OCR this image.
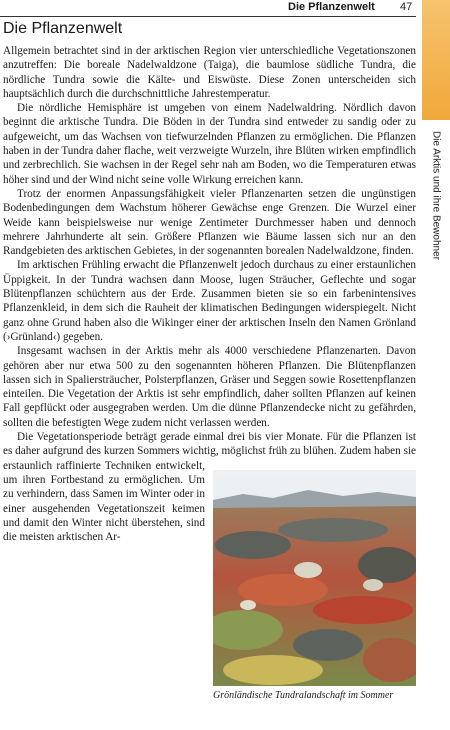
Die Pflanzenwelt 47
Die Arktis und ihre Bewohner
Die Pflanzenwelt

Allgemein betrachtet sind in der arktischen Region vier unterschiedliche Vegetationszonen anzutreffen: Die boreale Nadelwaldzone (Taiga), die baumlose südliche Tundra, die nördliche Tundra sowie die Kälte- und Eiswüste. Diese Zonen unterscheiden sich hauptsächlich durch die durchschnittliche Jahrestemperatur.

Die nördliche Hemisphäre ist umgeben von einem Nadelwaldring. Nördlich davon beginnt die arktische Tundra. Die Böden in der Tundra sind entweder zu sandig oder zu aufgeweicht, um das Wachsen von tiefwurzelnden Pflanzen zu ermöglichen. Die Pflanzen haben in der Tundra daher flache, weit verzweigte Wurzeln, ihre Blüten wirken empfindlich und zerbrechlich. Sie wachsen in der Regel sehr nah am Boden, wo die Temperaturen etwas höher sind und der Wind nicht seine volle Wirkung erreichen kann.

Trotz der enormen Anpassungsfähigkeit vieler Pflanzenarten setzen die ungünstigen Bodenbedingungen dem Wachstum höherer Gewächse enge Grenzen. Die Wurzel einer Weide kann beispielsweise nur wenige Zentimeter Durchmesser haben und dennoch mehrere Jahrhunderte alt sein. Größere Pflanzen wie Bäume lassen sich nur an den Randgebieten des arktischen Gebietes, in der sogenannten borealen Nadelwaldzone, finden.

Im arktischen Frühling erwacht die Pflanzenwelt jedoch durchaus zu einer erstaunlichen Üppigkeit. In der Tundra wachsen dann Moose, lugen Sträucher, Geflechte und sogar Blütenpflanzen schüchtern aus der Erde. Zusammen bieten sie so ein farbenintensives Pflanzenkleid, in dem sich die Rauheit der klimatischen Bedingungen widerspiegelt. Nicht ganz ohne Grund haben also die Wikinger einer der arktischen Inseln den Namen Grönland (›Grünland‹) gegeben.

Insgesamt wachsen in der Arktis mehr als 4000 verschiedene Pflanzenarten. Davon gehören aber nur etwa 500 zu den sogenannten höheren Pflanzen. Die Blütenpflanzen lassen sich in Spaliersträucher, Polsterpflanzen, Gräser und Seggen sowie Rosettenpflanzen einteilen. Die Vegetation der Arktis ist sehr empfindlich, daher sollten Pflanzen auf keinen Fall gepflückt oder ausgegraben werden. Um die dünne Pflanzendecke nicht zu gefährden, sollten die befestigten Wege zudem nicht verlassen werden.

Die Vegetationsperiode beträgt gerade einmal drei bis vier Monate. Für die Pflanzen ist es daher aufgrund des kurzen Sommers wichtig, möglichst früh zu blühen. Zudem haben sie erstaunlich raffinierte Techniken entwickelt, um ihren Fortbestand zu ermöglichen. Um zu verhindern, dass Samen im Winter oder in einer ausgehenden Vegetationszeit keimen und damit den Winter nicht überstehen, sind die meisten arktischen Ar-

Grönländische Tundralandschaft im Sommer
